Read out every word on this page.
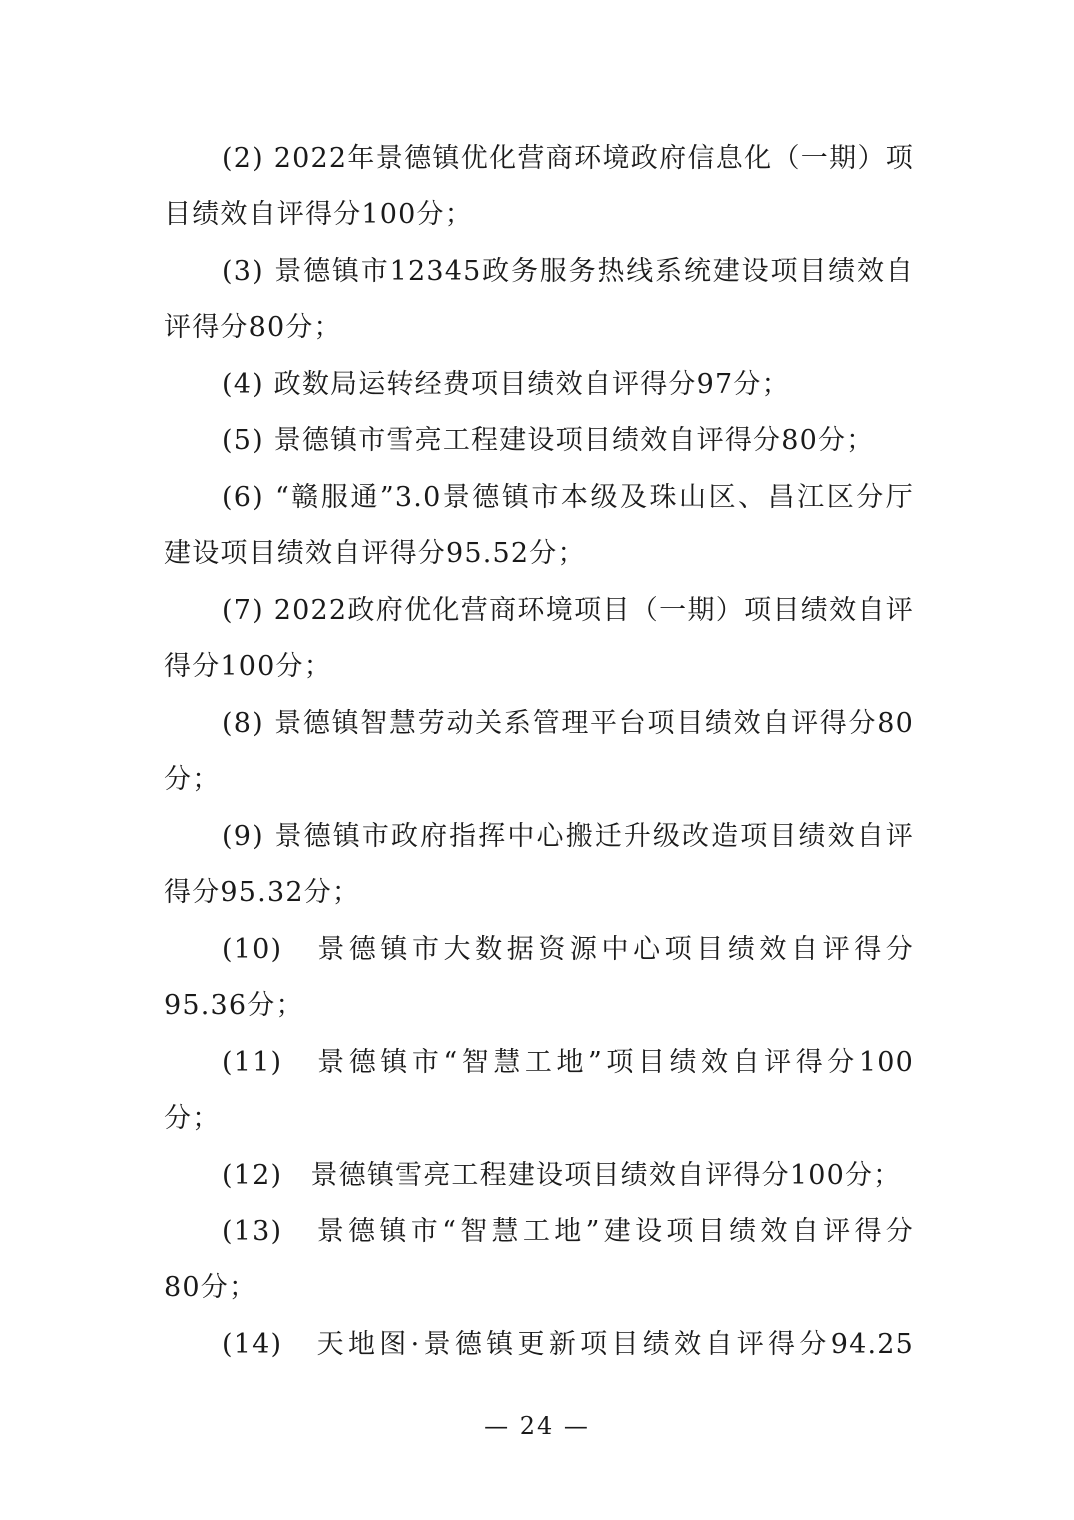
(2) 2022年景德镇优化营商环境政府信息化（一期）项
目绩效自评得分100分；
(3) 景德镇市12345政务服务热线系统建设项目绩效自
评得分80分；
(4) 政数局运转经费项目绩效自评得分97分；
(5) 景德镇市雪亮工程建设项目绩效自评得分80分；
(6) “赣服通”3.0景德镇市本级及珠山区、昌江区分厅
建设项目绩效自评得分95.52分；
(7) 2022政府优化营商环境项目（一期）项目绩效自评
得分100分；
(8) 景德镇智慧劳动关系管理平台项目绩效自评得分80
分；
(9) 景德镇市政府指挥中心搬迁升级改造项目绩效自评
得分95.32分；
(10)　景德镇市大数据资源中心项目绩效自评得分
95.36分；
(11)　景德镇市“智慧工地”项目绩效自评得分100
分；
(12)　景德镇雪亮工程建设项目绩效自评得分100分；
(13)　景德镇市“智慧工地”建设项目绩效自评得分
80分；
(14)　天地图·景德镇更新项目绩效自评得分94.25
— 24 —
